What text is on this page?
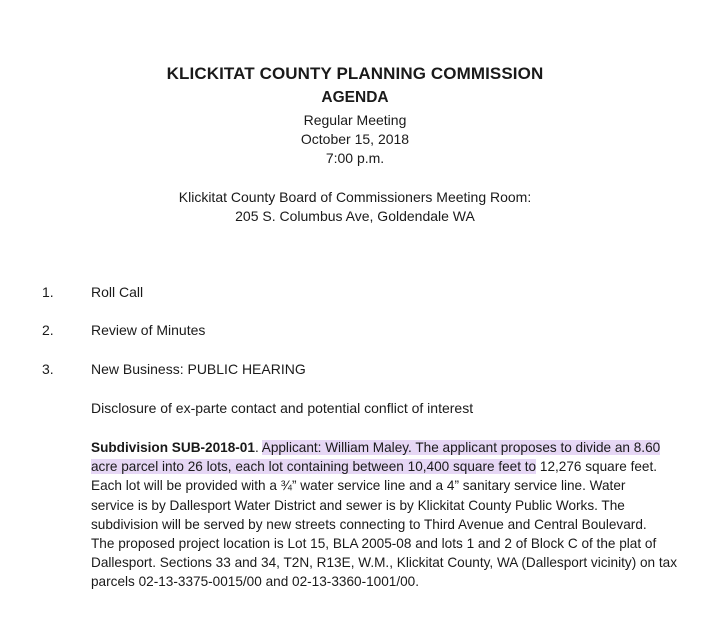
KLICKITAT COUNTY PLANNING COMMISSION
AGENDA
Regular Meeting
October 15, 2018
7:00 p.m.
Klickitat County Board of Commissioners Meeting Room:
205 S. Columbus Ave, Goldendale WA
1.	Roll Call
2.	Review of Minutes
3.	New Business: PUBLIC HEARING
Disclosure of ex-parte contact and potential conflict of interest
Subdivision SUB-2018-01. Applicant: William Maley. The applicant proposes to divide an 8.60
acre parcel into 26 lots, each lot containing between 10,400 square feet to 12,276 square feet.
Each lot will be provided with a ¾” water service line and a 4” sanitary service line. Water
service is by Dallesport Water District and sewer is by Klickitat County Public Works. The
subdivision will be served by new streets connecting to Third Avenue and Central Boulevard.
The proposed project location is Lot 15, BLA 2005-08 and lots 1 and 2 of Block C of the plat of
Dallesport. Sections 33 and 34, T2N, R13E, W.M., Klickitat County, WA (Dallesport vicinity) on tax
parcels 02-13-3375-0015/00 and 02-13-3360-1001/00.
